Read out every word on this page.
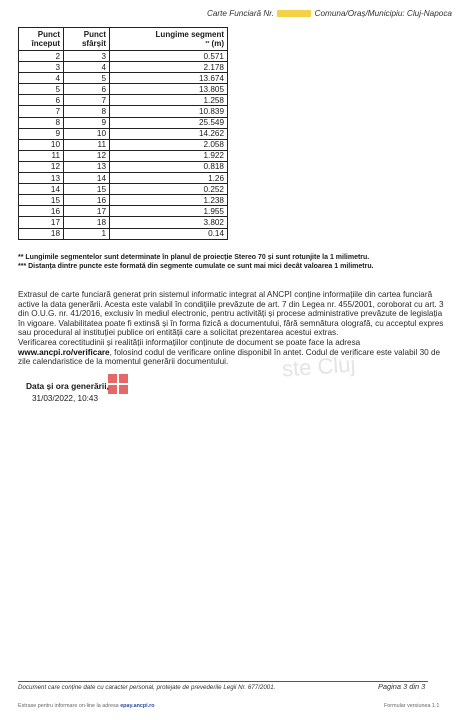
Carte Funciară Nr.	Comuna/Oraș/Municipiu: Cluj-Napoca
Punct început	Punct sfârșit	Lungime segment
** (m)
2	3	0.571
3	4	2.178
4	5	13.674
5	6	13.805
6	7	1.258
7	8	10.839
8	9	25.549
9	10	14.262
10	11	2.058
11	12	1.922
12	13	0.818
13	14	1.26
14	15	0.252
15	16	1.238
16	17	1.955
17	18	3.802
18	1	0.14
** Lungimile segmentelor sunt determinate în planul de proiecție Stereo 70 și sunt rotunjite la 1 milimetru.
*** Distanța dintre puncte este formată din segmente cumulate ce sunt mai mici decât valoarea 1 milimetru.

Extrasul de carte funciară generat prin sistemul informatic integrat al ANCPI conține informațiile din cartea funciară active la data generării. Acesta este valabil în condițiile prevăzute de art. 7 din Legea nr. 455/2001, coroborat cu art. 3 din O.U.G. nr. 41/2016, exclusiv în mediul electronic, pentru activități și procese administrative prevăzute de legislația în vigoare. Valabilitatea poate fi extinsă și în forma fizică a documentului, fără semnătura olografă, cu acceptul expres sau procedural al instituției publice ori entității care a solicitat prezentarea acestui extras.

Verificarea corectitudinii și realității informațiilor conținute de document se poate face la adresa www.ancpi.ro/verificare, folosind codul de verificare online disponibil în antet. Codul de verificare este valabil 30 de zile calendaristice de la momentul generării documentului.	ste Cluj
Data și ora generării,
31/03/2022, 10:43
Document care conține date cu caracter personal, protejate de prevederile Legii Nr. 677/2001.	Pagina 3 din 3
Extrase pentru informare on-line la adresa epay.ancpi.ro	Formular versiunea 1.1
